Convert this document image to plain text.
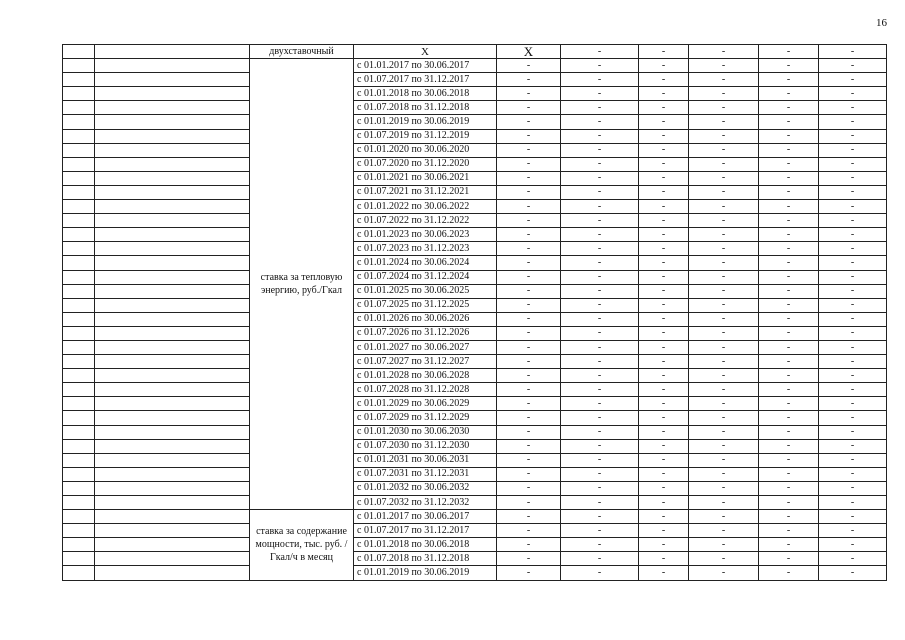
16
		двухставочный	Х	Х	-	-	-	-	-
		ставка за тепловую энергию, руб./Гкал	с 01.01.2017 по 30.06.2017	-	-	-	-	-	-
			с 01.07.2017 по 31.12.2017	-	-	-	-	-	-
			с 01.01.2018 по 30.06.2018	-	-	-	-	-	-
			с 01.07.2018 по 31.12.2018	-	-	-	-	-	-
			с 01.01.2019 по 30.06.2019	-	-	-	-	-	-
			с 01.07.2019 по 31.12.2019	-	-	-	-	-	-
			с 01.01.2020 по 30.06.2020	-	-	-	-	-	-
			с 01.07.2020 по 31.12.2020	-	-	-	-	-	-
			с 01.01.2021 по 30.06.2021	-	-	-	-	-	-
			с 01.07.2021 по 31.12.2021	-	-	-	-	-	-
			с 01.01.2022 по 30.06.2022	-	-	-	-	-	-
			с 01.07.2022 по 31.12.2022	-	-	-	-	-	-
			с 01.01.2023 по 30.06.2023	-	-	-	-	-	-
			с 01.07.2023 по 31.12.2023	-	-	-	-	-	-
			с 01.01.2024 по 30.06.2024	-	-	-	-	-	-
			с 01.07.2024 по 31.12.2024	-	-	-	-	-	-
			с 01.01.2025 по 30.06.2025	-	-	-	-	-	-
			с 01.07.2025 по 31.12.2025	-	-	-	-	-	-
			с 01.01.2026 по 30.06.2026	-	-	-	-	-	-
			с 01.07.2026 по 31.12.2026	-	-	-	-	-	-
			с 01.01.2027 по 30.06.2027	-	-	-	-	-	-
			с 01.07.2027 по 31.12.2027	-	-	-	-	-	-
			с 01.01.2028 по 30.06.2028	-	-	-	-	-	-
			с 01.07.2028 по 31.12.2028	-	-	-	-	-	-
			с 01.01.2029 по 30.06.2029	-	-	-	-	-	-
			с 01.07.2029 по 31.12.2029	-	-	-	-	-	-
			с 01.01.2030 по 30.06.2030	-	-	-	-	-	-
			с 01.07.2030 по 31.12.2030	-	-	-	-	-	-
			с 01.01.2031 по 30.06.2031	-	-	-	-	-	-
			с 01.07.2031 по 31.12.2031	-	-	-	-	-	-
			с 01.01.2032 по 30.06.2032	-	-	-	-	-	-
			с 01.07.2032 по 31.12.2032	-	-	-	-	-	-
		ставка за содержание мощности, тыс. руб. /Гкал/ч в месяц	с 01.01.2017 по 30.06.2017	-	-	-	-	-	-
			с 01.07.2017 по 31.12.2017	-	-	-	-	-	-
			с 01.01.2018 по 30.06.2018	-	-	-	-	-	-
			с 01.07.2018 по 31.12.2018	-	-	-	-	-	-
			с 01.01.2019 по 30.06.2019	-	-	-	-	-	-
